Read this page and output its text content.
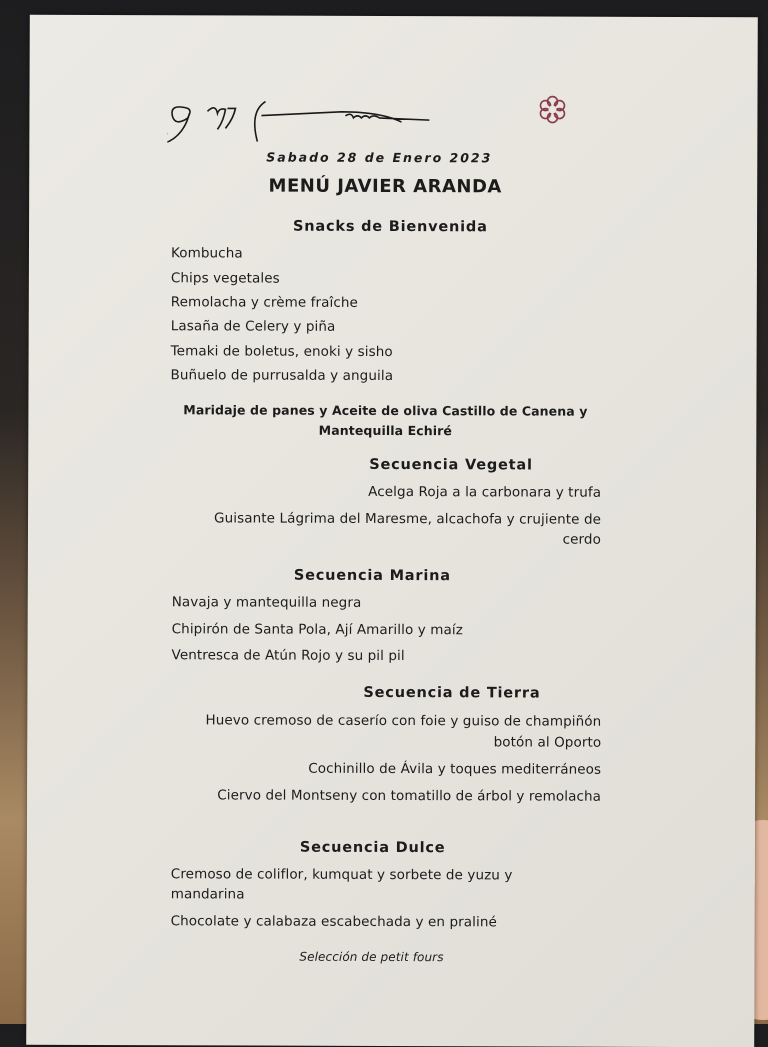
Sabado 28 de Enero 2023
MENÚ JAVIER ARANDA
Snacks de Bienvenida
Kombucha
Chips vegetales
Remolacha y crème fraîche
Lasaña de Celery y piña
Temaki de boletus, enoki y sisho
Buñuelo de purrusalda y anguila
Maridaje de panes y Aceite de oliva Castillo de Canena y
Mantequilla Echiré
Secuencia Vegetal
Acelga Roja a la carbonara y trufa
Guisante Lágrima del Maresme, alcachofa y crujiente de
cerdo
Secuencia Marina
Navaja y mantequilla negra
Chipirón de Santa Pola, Ají Amarillo y maíz
Ventresca de Atún Rojo y su pil pil
Secuencia de Tierra
Huevo cremoso de caserío con foie y guiso de champiñón
botón al Oporto
Cochinillo de Ávila y toques mediterráneos
Ciervo del Montseny con tomatillo de árbol y remolacha
Secuencia Dulce
Cremoso de coliflor, kumquat y sorbete de yuzu y
mandarina
Chocolate y calabaza escabechada y en praliné
Selección de petit fours
